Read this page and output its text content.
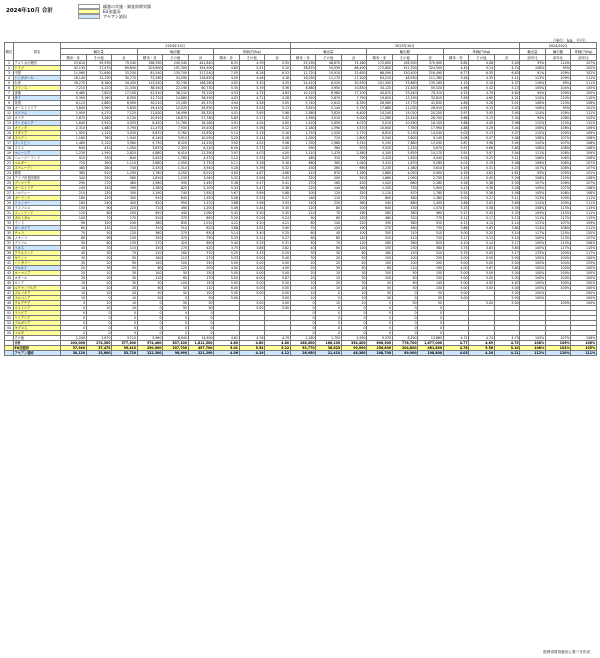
2024年10月 合計
繰越の実施・調査前期実績
EU加盟国
アセアン諸国
（単位：kg、千円）
順位	国名	2024年10月									2023年10月									2024/2023		
		輸出量			輸出額			単価(円/kg)			輸出量			輸出額			単価(円/kg)			輸出量	輸出額	単価(円/kg)
		精米・非	その他	計	精米・非	その他	計	精米・非	その他	計	精米・非	その他	計	精米・非	その他	計	精米・非	その他	計	前年比	前年比	前年比
1	アメリカ合衆国	23,610	55,930	79,540	196,300	245,540	441,840	8.31	4.39	5.55	25,290	48,870	74,160	172,600	198,300	370,900	6.82	4.06	5.00	93%	114%	107%
2	ドイツ	42,130	27,470	69,600	203,600	151,300	354,900	4.83	5.51	5.10	38,870	29,530	68,400	172,800	151,700	324,500	4.45	5.14	4.74	108%	93%	102%
3	中国	11,560	21,690	33,250	81,540	135,700	217,240	7.05	6.26	6.53	12,720	19,910	32,630	86,090	130,400	216,490	6.77	6.55	6.63	91%	109%	102%
4	シンガポール	18,140	12,130	30,270	72,560	54,090	126,650	4.00	4.46	4.18	16,030	11,170	27,200	63,210	48,550	111,760	3.94	4.35	4.11	113%	109%	111%
5	台湾	28,270	6,180	34,450	113,540	32,740	146,280	4.02	5.30	4.25	24,410	6,520	30,930	101,300	33,860	135,160	4.15	5.19	4.37	116%	95%	111%
6	フランス	7,210	4,120	11,330	38,540	22,190	60,730	5.35	5.39	5.36	6,880	3,950	10,830	34,120	21,400	55,520	4.96	5.42	5.13	105%	104%	105%
7	香港	9,480	7,620	17,100	42,910	36,210	79,120	4.53	4.75	4.63	10,120	6,980	17,100	45,870	33,440	79,310	4.53	4.79	4.64	94%	109%	100%
8	タイ	5,390	3,160	8,550	21,710	14,880	36,590	4.03	4.71	4.28	4,920	2,870	7,790	19,620	13,190	32,810	3.99	4.60	4.21	110%	110%	110%
9	英国	6,110	2,880	8,990	30,210	15,160	45,370	4.94	5.26	5.05	5,740	2,610	8,350	28,060	13,770	41,830	4.89	5.28	5.01	106%	110%	108%
10	オーストラリア	3,840	1,990	5,830	19,410	10,520	29,930	5.05	5.29	5.13	3,610	2,140	5,750	17,880	11,030	28,910	4.95	5.15	5.03	106%	93%	101%
11	ベトナム	2,950	4,170	7,120	11,830	16,490	28,320	4.01	3.95	3.98	2,580	3,820	6,400	10,240	15,010	25,250	3.97	3.93	3.95	114%	109%	111%
12	カナダ	1,870	3,260	5,130	10,910	16,870	27,780	5.83	5.17	5.42	1,990	3,010	5,000	11,260	15,440	26,700	5.66	5.13	5.34	94%	108%	103%
13	インドネシア	1,640	2,910	4,550	6,420	11,760	18,180	3.91	4.04	4.00	1,420	2,650	4,070	5,510	10,590	16,100	3.88	4.00	3.96	115%	110%	112%
14	オランダ	2,310	1,480	3,790	11,470	7,930	19,400	4.97	5.36	5.12	2,180	1,390	3,570	10,640	7,350	17,990	4.88	5.29	5.04	106%	106%	106%
15	イタリア	1,920	1,110	3,030	9,870	5,760	15,630	5.14	5.19	5.16	1,750	1,020	2,770	8,810	5,230	14,040	5.03	5.13	5.07	110%	109%	109%
16	スペイン	1,180	760	1,940	6,140	3,910	10,050	5.20	5.14	5.18	1,090	710	1,800	5,540	3,600	9,140	5.08	5.07	5.08	108%	107%	108%
17	フィリピン	1,460	2,120	3,580	5,730	8,520	14,250	3.92	4.02	3.98	1,330	1,980	3,310	5,150	7,880	13,030	3.87	3.98	3.94	110%	107%	108%
18	スイス	640	410	1,050	3,870	2,350	6,220	6.05	5.73	5.92	590	380	970	3,520	2,150	5,670	5.97	5.66	5.85	108%	108%	108%
19	マレーシア	1,230	1,590	2,820	4,880	6,410	11,290	3.97	4.03	4.00	1,110	1,470	2,580	4,340	5,830	10,170	3.91	3.97	3.94	111%	108%	109%
20	ニュージーランド	510	330	840	2,610	1,760	4,370	5.12	5.33	5.20	480	310	790	2,420	1,620	4,040	5.04	5.23	5.11	106%	106%	106%
21	ベルギー	720	390	1,110	3,680	2,050	5,730	5.11	5.26	5.16	680	360	1,040	3,410	1,870	5,280	5.01	5.19	5.08	106%	108%	107%
22	スウェーデン	460	280	740	2,430	1,510	3,940	5.28	5.39	5.32	430	260	690	2,230	1,380	3,610	5.19	5.31	5.23	107%	108%	107%
23	韓国	380	910	1,290	1,760	4,250	6,010	4.63	4.67	4.66	410	870	1,280	1,880	4,020	5,900	4.59	4.62	4.61	93%	105%	101%
24	アラブ首長国連邦	340	220	560	1,810	1,230	3,040	5.32	5.59	5.43	320	200	520	1,660	1,090	2,750	5.19	5.45	5.29	106%	110%	108%
25	デンマーク	290	170	460	1,560	930	2,490	5.38	5.47	5.41	270	160	430	1,420	860	2,280	5.26	5.38	5.30	107%	106%	107%
26	オーストリア	240	150	390	1,280	820	2,100	5.33	5.47	5.38	220	140	360	1,150	750	1,900	5.23	5.36	5.28	109%	107%	108%
27	ノルウェー	210	130	340	1,190	740	1,930	5.67	5.69	5.68	200	120	320	1,110	670	1,780	5.55	5.58	5.56	105%	108%	106%
28	ポーランド	180	120	300	910	640	1,550	5.06	5.33	5.17	160	110	270	800	580	1,380	5.00	5.27	5.11	113%	109%	111%
29	ミャンマー	160	240	400	620	950	1,570	3.88	3.96	3.93	140	220	360	540	860	1,400	3.86	3.91	3.89	114%	109%	111%
30	イスラエル	130	90	220	710	490	1,200	5.46	5.44	5.45	120	80	200	640	430	1,070	5.33	5.38	5.35	108%	113%	110%
31	フィンランド	120	80	200	650	440	1,090	5.42	5.50	5.45	110	70	180	580	380	960	5.27	5.43	5.33	109%	114%	111%
32	ポルトガル	100	70	170	520	370	890	5.20	5.29	5.24	90	60	150	460	310	770	5.11	5.17	5.13	111%	117%	113%
33	インド	90	150	240	380	630	1,010	4.22	4.20	4.21	80	140	220	330	580	910	4.13	4.14	4.14	113%	107%	109%
34	カンボジア	80	130	210	310	510	820	3.88	3.92	3.90	70	120	190	270	460	730	3.86	3.83	3.84	114%	108%	111%
35	チェコ	70	50	120	360	270	630	5.14	5.40	5.25	60	40	100	300	210	510	5.00	5.25	5.10	117%	125%	120%
36	メキシコ	60	90	150	320	470	790	5.33	5.22	5.27	60	80	140	310	410	720	5.17	5.13	5.14	100%	113%	107%
37	ブラジル	50	80	130	270	420	690	5.40	5.25	5.31	50	70	120	260	360	620	5.20	5.14	5.17	100%	114%	108%
38	ラオス	40	70	110	150	270	420	3.75	3.86	3.82	40	60	100	150	230	380	3.75	3.83	3.80	100%	117%	110%
39	アイルランド	40	30	70	210	160	370	5.25	5.33	5.29	30	30	60	160	150	310	5.33	5.00	5.17	133%	100%	117%
40	ギリシャ	30	20	50	160	110	270	5.33	5.50	5.40	30	20	50	150	100	250	5.00	5.00	5.00	100%	100%	100%
41	ハンガリー	30	20	50	150	100	250	5.00	5.00	5.00	20	20	40	100	100	200	5.00	5.00	5.00	150%	100%	125%
42	ブルネイ	20	30	50	80	120	200	4.00	4.00	4.00	20	30	50	80	110	190	4.00	3.67	3.80	100%	100%	100%
43	ルーマニア	20	10	30	100	50	150	5.00	5.00	5.00	20	10	30	100	50	150	5.00	5.00	5.00	100%	100%	100%
44	カタール	20	10	30	110	60	170	5.50	6.00	5.67	20	10	30	100	50	150	5.00	5.00	5.00	100%	100%	100%
45	ロシア	10	20	30	50	100	150	5.00	5.00	5.00	10	20	30	50	90	140	5.00	4.50	4.67	100%	100%	100%
46	ルクセンブルク	10	10	20	60	50	110	6.00	5.00	5.50	10	10	20	50	50	100	5.00	5.00	5.00	100%	100%	100%
47	スロバキア	10	10	20	50	50	100	5.00	5.00	5.00	10	0	10	50	0	50	5.00		5.00	100%		200%
48	スロベニア	10	0	10	50	0	50	5.00		5.00	10	0	10	50	0	50	5.00		5.00	100%		100%
49	クロアチア	0	10	10	0	50	50		5.00	5.00	0	10	10	0	50	50		5.00	5.00		100%	100%
50	エストニア	0	10	10	0	50	50		5.00	5.00	0	0	0	0	0	0						
51	ラトビア	0	0	0	0	0	0				0	0	0	0	0	0						
52	リトアニア	0	0	0	0	0	0				0	0	0	0	0	0						
53	ブルガリア	0	0	0	0	0	0				0	0	0	0	0	0						
54	キプロス	0	0	0	0	0	0				0	0	0	0	0	0						
55	マルタ	0	0	0	0	0	0				0	0	0	0	0	0						
	その他	1,240	1,870	3,110	5,960	8,940	14,900	4.81	4.78	4.79	1,180	1,750	2,930	5,570	8,290	13,860	4.72	4.74	4.73	105%	107%	106%
	合計	203,000	174,300	377,300	974,400	837,100	1,811,500	4.80	4.80	4.80	188,300	166,100	354,400	898,300	778,700	1,677,000	4.77	4.69	4.73	108%	105%	106%
	EU加盟国	57,940	37,470	95,410	290,000	207,700	497,700	5.01	5.54	5.22	53,770	36,820	90,590	256,800	204,800	461,600	4.78	5.56	5.10	108%	102%	105%
	アセアン諸国	30,120	23,600	53,720	122,300	98,990	221,290	4.06	4.19	4.12	26,950	21,410	48,360	108,700	89,900	198,600	4.03	4.20	4.11	112%	110%	111%
財務省貿易統計に基づき作成
